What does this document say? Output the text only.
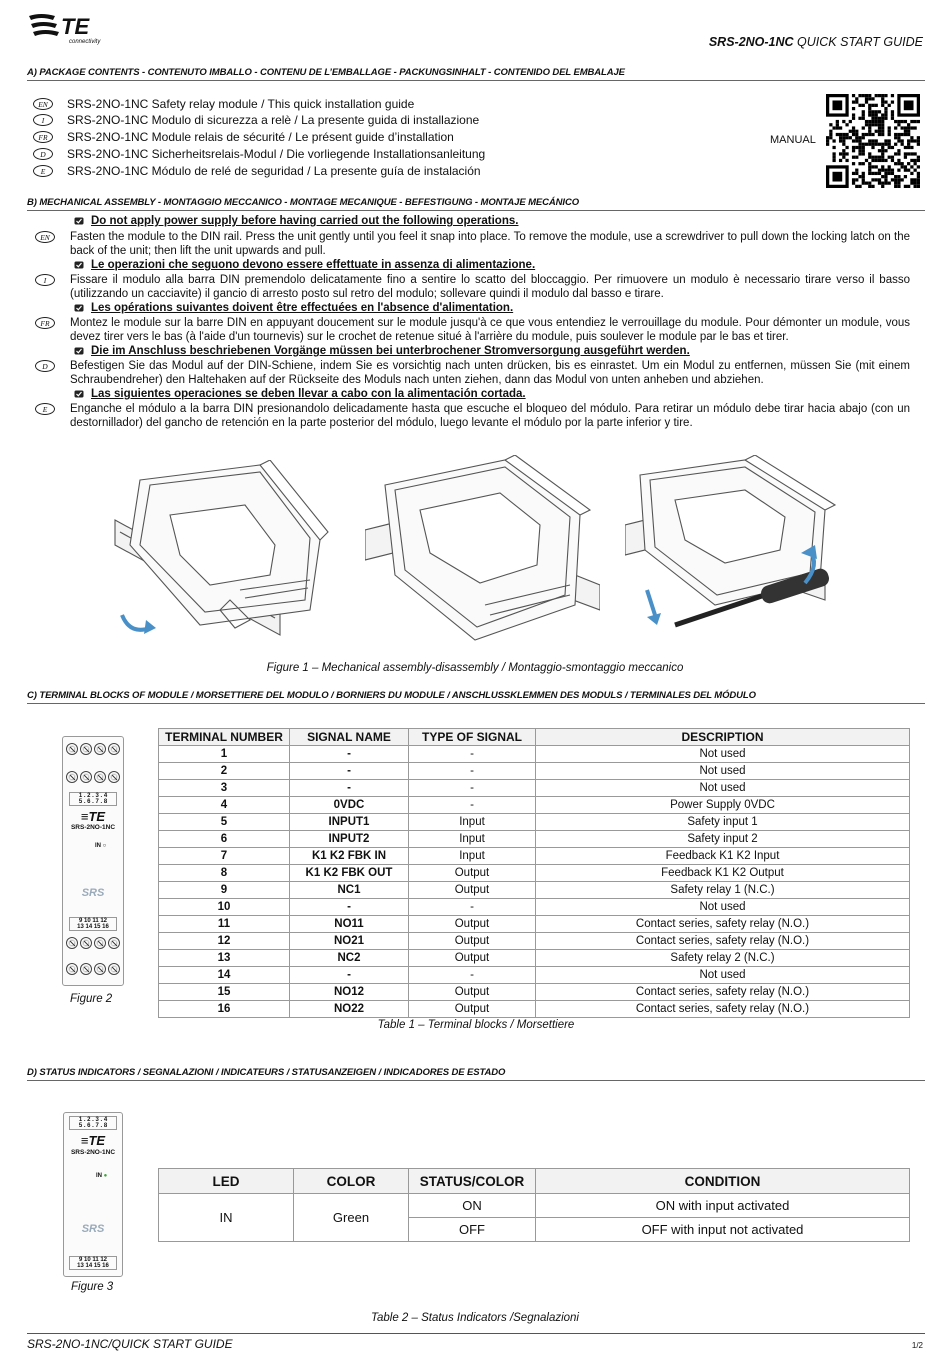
TE
connectivity	SRS-2NO-1NC QUICK START GUIDE
A) PACKAGE CONTENTS - CONTENUTO IMBALLO - CONTENU DE L’EMBALLAGE - PACKUNGSINHALT - CONTENIDO DEL EMBALAJE
EN	SRS-2NO-1NC Safety relay module / This quick installation guide
I	SRS-2NO-1NC Modulo di sicurezza a relè / La presente guida di installazione
FR	SRS-2NO-1NC Module relais de sécurité / Le présent guide d’installation
D	SRS-2NO-1NC Sicherheitsrelais-Modul / Die vorliegende Installationsanleitung
E	SRS-2NO-1NC Módulo de relé de seguridad / La presente guía de instalación
MANUAL
B) MECHANICAL ASSEMBLY - MONTAGGIO MECCANICO - MONTAGE MECANIQUE - BEFESTIGUNG - MONTAJE MECÁNICO
Do not apply power supply before having carried out the following operations.
EN	Fasten the module to the DIN rail. Press the unit gently until you feel it snap into place. To remove the module, use a screwdriver to pull down the locking latch on the back of the unit; then lift the unit upwards and pull.
Le operazioni che seguono devono essere effettuate in assenza di alimentazione.
I	Fissare il modulo alla barra DIN premendolo delicatamente fino a sentire lo scatto del bloccaggio. Per rimuovere un modulo è necessario tirare verso il basso (utilizzando un cacciavite) il gancio di arresto posto sul retro del modulo; sollevare quindi il modulo dal basso e tirare.
Les opérations suivantes doivent être effectuées en l'absence d'alimentation.
FR	Montez le module sur la barre DIN en appuyant doucement sur le module jusqu'à ce que vous entendiez le verrouillage du module. Pour démonter un module, vous devez tirer vers le bas (à l'aide d'un tournevis) sur le crochet de retenue situé à l'arrière du module, puis soulever le module par le bas et tirer.
Die im Anschluss beschriebenen Vorgänge müssen bei unterbrochener Stromversorgung ausgeführt werden.
D	Befestigen Sie das Modul auf der DIN-Schiene, indem Sie es vorsichtig nach unten drücken, bis es einrastet. Um ein Modul zu entfernen, müssen Sie (mit einem Schraubendreher) den Haltehaken auf der Rückseite des Moduls nach unten ziehen, dann das Modul von unten anheben und abziehen.
Las siguientes operaciones se deben llevar a cabo con la alimentación cortada.
E	Enganche el módulo a la barra DIN presionandolo delicadamente hasta que escuche el bloqueo del módulo. Para retirar un módulo debe tirar hacia abajo (con un destornillador) del gancho de retención en la parte posterior del módulo, luego levante el módulo por la parte inferior y tire.
Figure 1 – Mechanical assembly-disassembly / Montaggio-smontaggio meccanico
C) TERMINAL BLOCKS OF MODULE / MORSETTIERE DEL MODULO / BORNIERS DU MODULE / ANSCHLUSSKLEMMEN DES MODULS / TERMINALES DEL MÓDULO
1 . 2 . 3 . 4
5 . 6 . 7 . 8
≡TE
SRS-2NO-1NC
IN ○
SRS
9 10 11 12
13 14 15 16
Figure 2
TERMINAL NUMBER	SIGNAL NAME	TYPE OF SIGNAL	DESCRIPTION
1	-	-	Not used
2	-	-	Not used
3	-	-	Not used
4	0VDC	-	Power Supply 0VDC
5	INPUT1	Input	Safety input 1
6	INPUT2	Input	Safety input 2
7	K1 K2 FBK IN	Input	Feedback K1 K2 Input
8	K1 K2 FBK OUT	Output	Feedback K1 K2 Output
9	NC1	Output	Safety relay 1 (N.C.)
10	-	-	Not used
11	NO11	Output	Contact series, safety relay (N.O.)
12	NO21	Output	Contact series, safety relay (N.O.)
13	NC2	Output	Safety relay 2 (N.C.)
14	-	-	Not used
15	NO12	Output	Contact series, safety relay (N.O.)
16	NO22	Output	Contact series, safety relay (N.O.)
Table 1 – Terminal blocks / Morsettiere
D) STATUS INDICATORS / SEGNALAZIONI / INDICATEURS / STATUSANZEIGEN / INDICADORES DE ESTADO
1 . 2 . 3 . 4
5 . 6 . 7 . 8
≡TE
SRS-2NO-1NC
IN ●
SRS
9 10 11 12
13 14 15 16
Figure 3
LED	COLOR	STATUS/COLOR	CONDITION
IN	Green	ON	ON with input activated
		OFF	OFF with input not activated
Table 2 – Status Indicators /Segnalazioni
SRS-2NO-1NC/QUICK START GUIDE	1/2
